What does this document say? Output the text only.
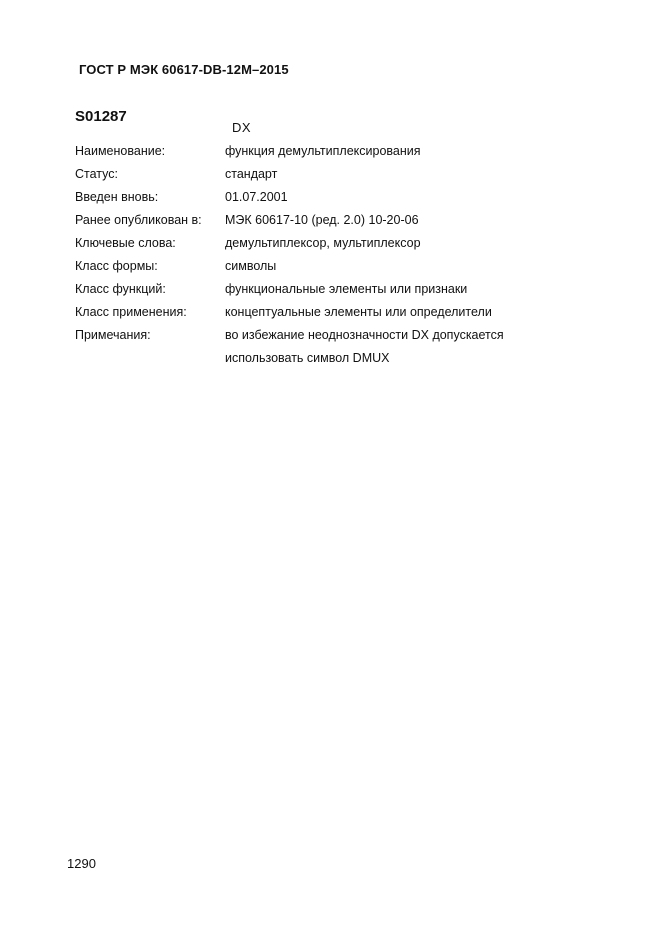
ГОСТ Р МЭК 60617-DB-12M–2015
S01287
DX
Наименование:	функция демультиплексирования
Статус:	стандарт
Введен вновь:	01.07.2001
Ранее опубликован в:	МЭК 60617-10 (ред. 2.0) 10-20-06
Ключевые слова:	демультиплексор, мультиплексор
Класс формы:	символы
Класс функций:	функциональные элементы или признаки
Класс применения:	концептуальные элементы или определители
Примечания:	во избежание неоднозначности DX допускается
использовать символ DMUX
1290
